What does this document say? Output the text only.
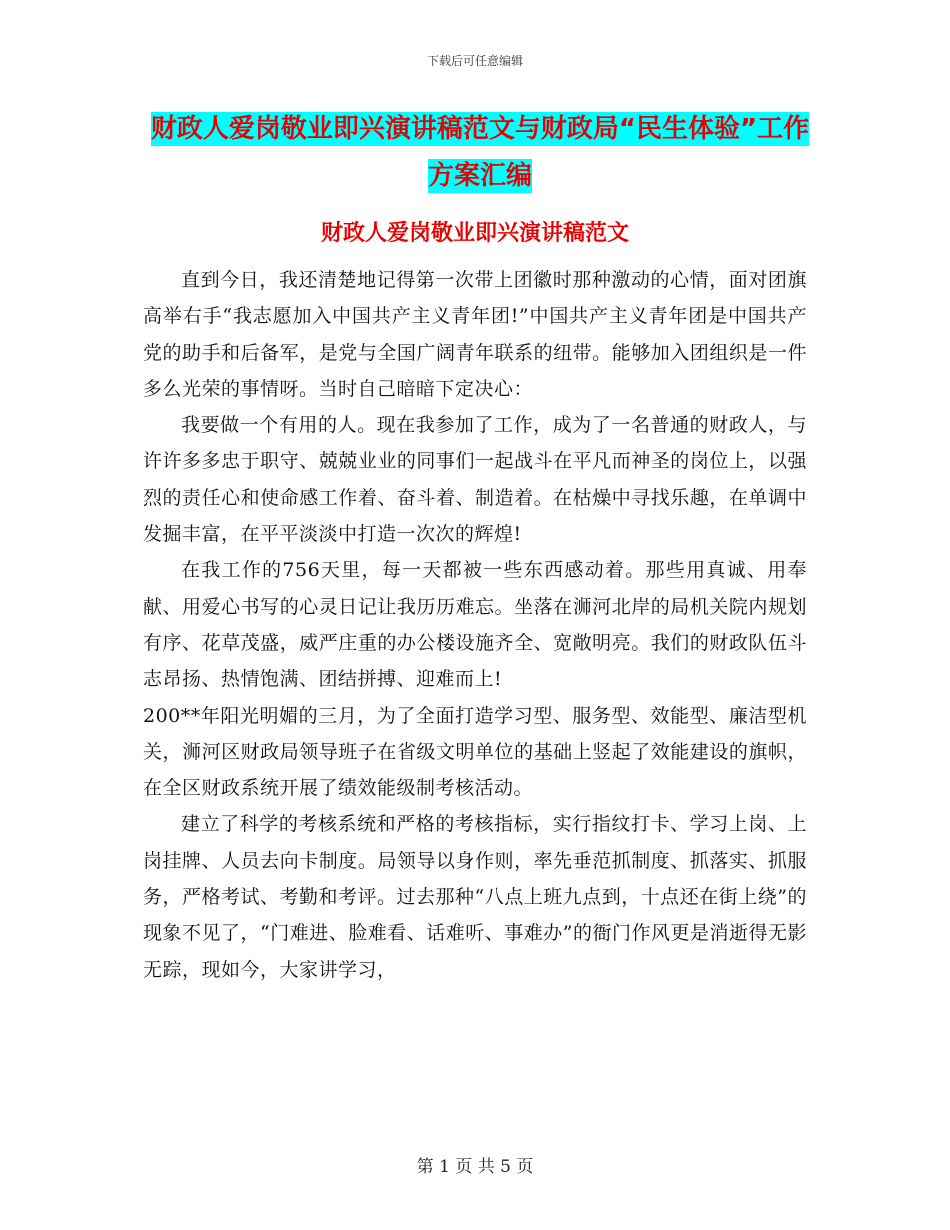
下载后可任意编辑
财政人爱岗敬业即兴演讲稿范文与财政局“民生体验”工作方案汇编
财政人爱岗敬业即兴演讲稿范文

直到今日，我还清楚地记得第一次带上团徽时那种激动的心情，面对团旗高举右手“我志愿加入中国共产主义青年团!”中国共产主义青年团是中国共产党的助手和后备军，是党与全国广阔青年联系的纽带。能够加入团组织是一件多么光荣的事情呀。当时自己暗暗下定决心：

我要做一个有用的人。现在我参加了工作，成为了一名普通的财政人，与许许多多忠于职守、兢兢业业的同事们一起战斗在平凡而神圣的岗位上，以强烈的责任心和使命感工作着、奋斗着、制造着。在枯燥中寻找乐趣，在单调中发掘丰富，在平平淡淡中打造一次次的辉煌!

在我工作的756天里，每一天都被一些东西感动着。那些用真诚、用奉献、用爱心书写的心灵日记让我历历难忘。坐落在浉河北岸的局机关院内规划有序、花草茂盛，威严庄重的办公楼设施齐全、宽敞明亮。我们的财政队伍斗志昂扬、热情饱满、团结拼搏、迎难而上!

200**年阳光明媚的三月，为了全面打造学习型、服务型、效能型、廉洁型机关，浉河区财政局领导班子在省级文明单位的基础上竖起了效能建设的旗帜，在全区财政系统开展了绩效能级制考核活动。

建立了科学的考核系统和严格的考核指标，实行指纹打卡、学习上岗、上岗挂牌、人员去向卡制度。局领导以身作则，率先垂范抓制度、抓落实、抓服务，严格考试、考勤和考评。过去那种“八点上班九点到，十点还在街上绕”的现象不见了，“门难进、脸难看、话难听、事难办”的衙门作风更是消逝得无影无踪，现如今，大家讲学习，

第 1 页 共 5 页
